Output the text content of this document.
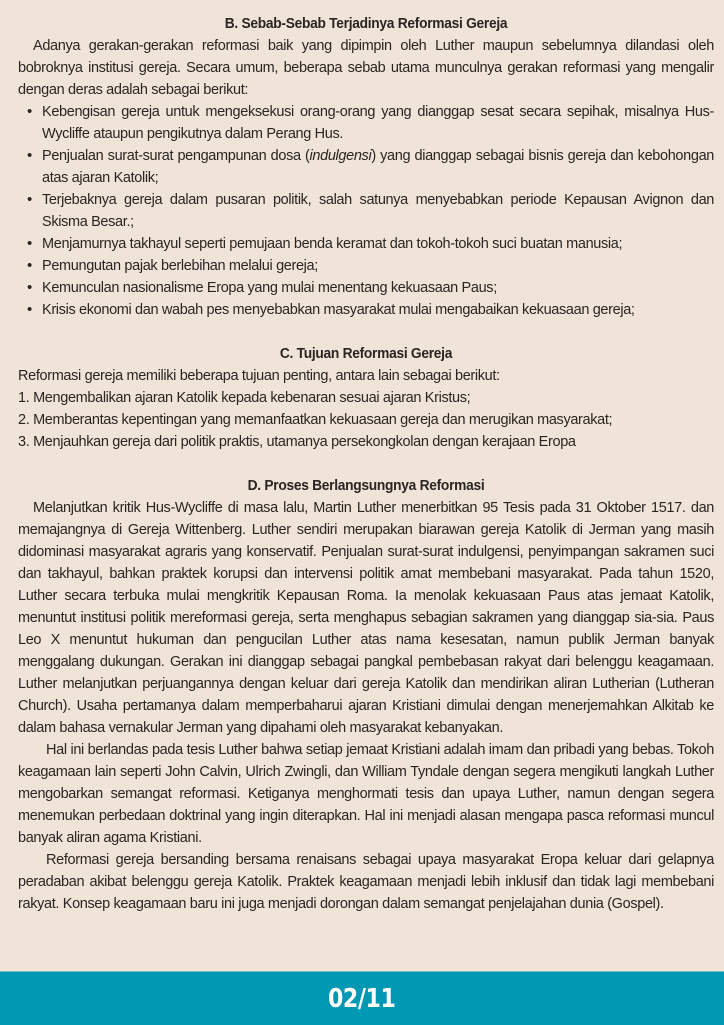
B. Sebab-Sebab Terjadinya Reformasi Gereja

Adanya gerakan-gerakan reformasi baik yang dipimpin oleh Luther maupun sebelumnya dilandasi oleh bobroknya institusi gereja. Secara umum, beberapa sebab utama munculnya gerakan reformasi yang mengalir dengan deras adalah sebagai berikut:

• Kebengisan gereja untuk mengeksekusi orang-orang yang dianggap sesat secara sepihak, misalnya Hus-Wycliffe ataupun pengikutnya dalam Perang Hus.
• Penjualan surat-surat pengampunan dosa (indulgensi) yang dianggap sebagai bisnis gereja dan kebohongan atas ajaran Katolik;
• Terjebaknya gereja dalam pusaran politik, salah satunya menyebabkan periode Kepausan Avignon dan Skisma Besar.;
• Menjamurnya takhayul seperti pemujaan benda keramat dan tokoh-tokoh suci buatan manusia;
• Pemungutan pajak berlebihan melalui gereja;
• Kemunculan nasionalisme Eropa yang mulai menentang kekuasaan Paus;
• Krisis ekonomi dan wabah pes menyebabkan masyarakat mulai mengabaikan kekuasaan gereja;
C. Tujuan Reformasi Gereja

Reformasi gereja memiliki beberapa tujuan penting, antara lain sebagai berikut:

1. Mengembalikan ajaran Katolik kepada kebenaran sesuai ajaran Kristus;

2. Memberantas kepentingan yang memanfaatkan kekuasaan gereja dan merugikan masyarakat;

3. Menjauhkan gereja dari politik praktis, utamanya persekongkolan dengan kerajaan Eropa

D. Proses Berlangsungnya Reformasi

Melanjutkan kritik Hus-Wycliffe di masa lalu, Martin Luther menerbitkan 95 Tesis pada 31 Oktober 1517. dan memajangnya di Gereja Wittenberg. Luther sendiri merupakan biarawan gereja Katolik di Jerman yang masih didominasi masyarakat agraris yang konservatif. Penjualan surat-surat indulgensi, penyimpangan sakramen suci dan takhayul, bahkan praktek korupsi dan intervensi politik amat membebani masyarakat. Pada tahun 1520, Luther secara terbuka mulai mengkritik Kepausan Roma. Ia menolak kekuasaan Paus atas jemaat Katolik, menuntut institusi politik mereformasi gereja, serta menghapus sebagian sakramen yang dianggap sia-sia. Paus Leo X menuntut hukuman dan pengucilan Luther atas nama kesesatan, namun publik Jerman banyak menggalang dukungan. Gerakan ini dianggap sebagai pangkal pembebasan rakyat dari belenggu keagamaan. Luther melanjutkan perjuangannya dengan keluar dari gereja Katolik dan mendirikan aliran Lutherian (Lutheran Church). Usaha pertamanya dalam memperbaharui ajaran Kristiani dimulai dengan menerjemahkan Alkitab ke dalam bahasa vernakular Jerman yang dipahami oleh masyarakat kebanyakan.

Hal ini berlandas pada tesis Luther bahwa setiap jemaat Kristiani adalah imam dan pribadi yang bebas. Tokoh keagamaan lain seperti John Calvin, Ulrich Zwingli, dan William Tyndale dengan segera mengikuti langkah Luther mengobarkan semangat reformasi. Ketiganya menghormati tesis dan upaya Luther, namun dengan segera menemukan perbedaan doktrinal yang ingin diterapkan. Hal ini menjadi alasan mengapa pasca reformasi muncul banyak aliran agama Kristiani.

Reformasi gereja bersanding bersama renaisans sebagai upaya masyarakat Eropa keluar dari gelapnya peradaban akibat belenggu gereja Katolik. Praktek keagamaan menjadi lebih inklusif dan tidak lagi membebani rakyat. Konsep keagamaan baru ini juga menjadi dorongan dalam semangat penjelajahan dunia (Gospel).

02/11
